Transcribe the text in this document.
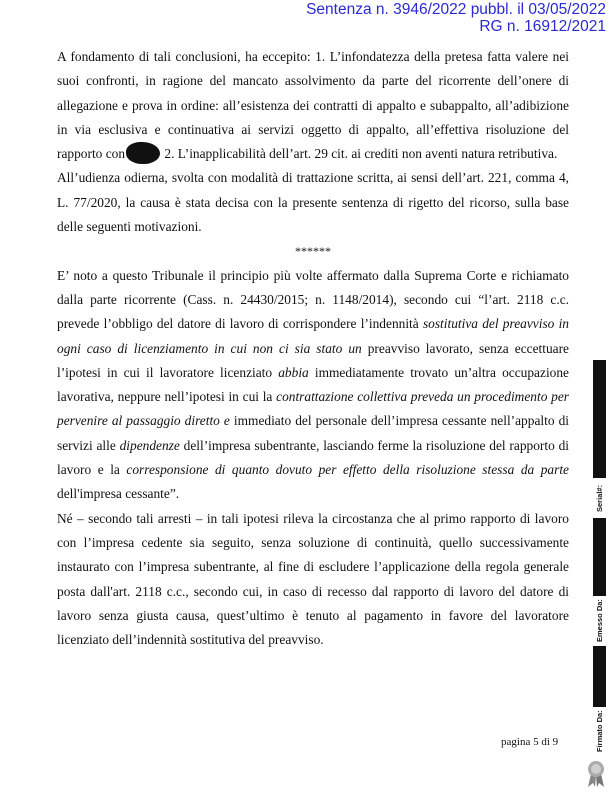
Sentenza n. 3946/2022 pubbl. il 03/05/2022
RG n. 16912/2021

A fondamento di tali conclusioni, ha eccepito: 1. L’infondatezza della pretesa fatta valere nei suoi confronti, in ragione del mancato assolvimento da parte del ricorrente dell’onere di allegazione e prova in ordine: all’esistenza dei contratti di appalto e subappalto, all’adibizione in via esclusiva e continuativa ai servizi oggetto di appalto, all’effettiva risoluzione del rapporto con	2. L’inapplicabilità dell’art. 29 cit. ai crediti non aventi natura retributiva.

All’udienza odierna, svolta con modalità di trattazione scritta, ai sensi dell’art. 221, comma 4, L. 77/2020, la causa è stata decisa con la presente sentenza di rigetto del ricorso, sulla base delle seguenti motivazioni.

******

E’ noto a questo Tribunale il principio più volte affermato dalla Suprema Corte e richiamato dalla parte ricorrente (Cass. n. 24430/2015; n. 1148/2014), secondo cui “l’art. 2118 c.c. prevede l’obbligo del datore di lavoro di corrispondere l’indennità sostitutiva del preavviso in ogni caso di licenziamento in cui non ci sia stato un preavviso lavorato, senza eccettuare l’ipotesi in cui il lavoratore licenziato abbia immediatamente trovato un’altra occupazione lavorativa, neppure nell’ipotesi in cui la contrattazione collettiva preveda un procedimento per pervenire al passaggio diretto e immediato del personale dell’impresa cessante nell’appalto di servizi alle dipendenze dell’impresa subentrante, lasciando ferme la risoluzione del rapporto di lavoro e la corresponsione di quanto dovuto per effetto della risoluzione stessa da parte dell'impresa cessante”.

Né – secondo tali arresti – in tali ipotesi rileva la circostanza che al primo rapporto di lavoro con l’impresa cedente sia seguito, senza soluzione di continuità, quello successivamente instaurato con l’impresa subentrante, al fine di escludere l’applicazione della regola generale posta dall'art. 2118 c.c., secondo cui, in caso di recesso dal rapporto di lavoro del datore di lavoro senza giusta causa, quest’ultimo è tenuto al pagamento in favore del lavoratore licenziato dell’indennità sostitutiva del preavviso.

pagina 5 di 9
Serial#:
Emesso Da:
Firmato Da:
